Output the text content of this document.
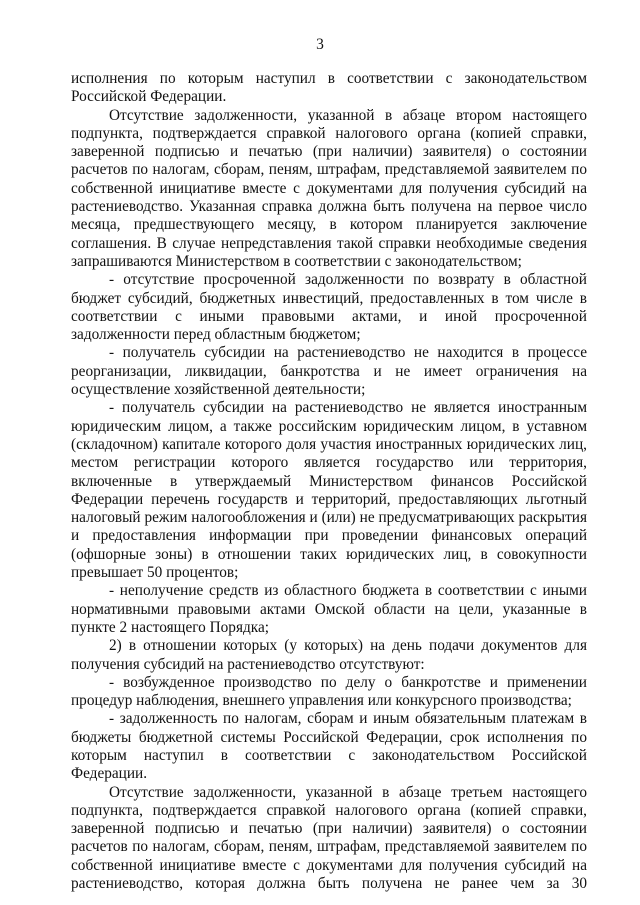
3

исполнения по которым наступил в соответствии с законодательством Российской Федерации.

Отсутствие задолженности, указанной в абзаце втором настоящего подпункта, подтверждается справкой налогового органа (копией справки, заверенной подписью и печатью (при наличии) заявителя) о состоянии расчетов по налогам, сборам, пеням, штрафам, представляемой заявителем по собственной инициативе вместе с документами для получения субсидий на растениеводство. Указанная справка должна быть получена на первое число месяца, предшествующего месяцу, в котором планируется заключение соглашения. В случае непредставления такой справки необходимые сведения запрашиваются Министерством в соответствии с законодательством;

- отсутствие просроченной задолженности по возврату в областной бюджет субсидий, бюджетных инвестиций, предоставленных в том числе в соответствии с иными правовыми актами, и иной просроченной задолженности перед областным бюджетом;

- получатель субсидии на растениеводство не находится в процессе реорганизации, ликвидации, банкротства и не имеет ограничения на осуществление хозяйственной деятельности;

- получатель субсидии на растениеводство не является иностранным юридическим лицом, а также российским юридическим лицом, в уставном (складочном) капитале которого доля участия иностранных юридических лиц, местом регистрации которого является государство или территория, включенные в утверждаемый Министерством финансов Российской Федерации перечень государств и территорий, предоставляющих льготный налоговый режим налогообложения и (или) не предусматривающих раскрытия и предоставления информации при проведении финансовых операций (офшорные зоны) в отношении таких юридических лиц, в совокупности превышает 50 процентов;

- неполучение средств из областного бюджета в соответствии с иными нормативными правовыми актами Омской области на цели, указанные в пункте 2 настоящего Порядка;

2) в отношении которых (у которых) на день подачи документов для получения субсидий на растениеводство отсутствуют:

- возбужденное производство по делу о банкротстве и применении процедур наблюдения, внешнего управления или конкурсного производства;

- задолженность по налогам, сборам и иным обязательным платежам в бюджеты бюджетной системы Российской Федерации, срок исполнения по которым наступил в соответствии с законодательством Российской Федерации.

Отсутствие задолженности, указанной в абзаце третьем настоящего подпункта, подтверждается справкой налогового органа (копией справки, заверенной подписью и печатью (при наличии) заявителя) о состоянии расчетов по налогам, сборам, пеням, штрафам, представляемой заявителем по собственной инициативе вместе с документами для получения субсидий на растениеводство, которая должна быть получена не ранее чем за 30
